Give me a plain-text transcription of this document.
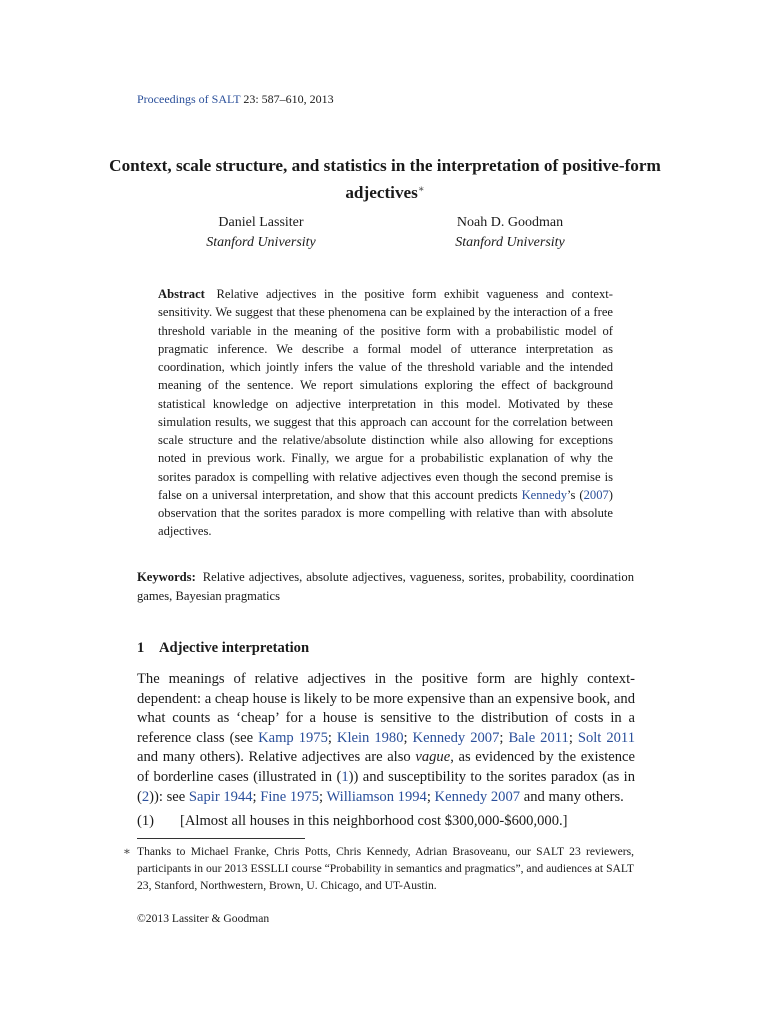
Proceedings of SALT 23: 587–610, 2013
Context, scale structure, and statistics in the interpretation of positive-form adjectives∗
Daniel Lassiter
Stanford University
Noah D. Goodman
Stanford University
Abstract Relative adjectives in the positive form exhibit vagueness and context-sensitivity. We suggest that these phenomena can be explained by the interaction of a free threshold variable in the meaning of the positive form with a probabilistic model of pragmatic inference. We describe a formal model of utterance interpretation as coordination, which jointly infers the value of the threshold variable and the intended meaning of the sentence. We report simulations exploring the effect of background statistical knowledge on adjective interpretation in this model. Motivated by these simulation results, we suggest that this approach can account for the correlation between scale structure and the relative/absolute distinction while also allowing for exceptions noted in previous work. Finally, we argue for a probabilistic explanation of why the sorites paradox is compelling with relative adjectives even though the second premise is false on a universal interpretation, and show that this account predicts Kennedy’s (2007) observation that the sorites paradox is more compelling with relative than with absolute adjectives.
Keywords: Relative adjectives, absolute adjectives, vagueness, sorites, probability, coordination games, Bayesian pragmatics
1 Adjective interpretation
The meanings of relative adjectives in the positive form are highly context-dependent: a cheap house is likely to be more expensive than an expensive book, and what counts as ‘cheap’ for a house is sensitive to the distribution of costs in a reference class (see Kamp 1975; Klein 1980; Kennedy 2007; Bale 2011; Solt 2011 and many others). Relative adjectives are also vague, as evidenced by the existence of borderline cases (illustrated in (1)) and susceptibility to the sorites paradox (as in (2)): see Sapir 1944; Fine 1975; Williamson 1994; Kennedy 2007 and many others.
(1) [Almost all houses in this neighborhood cost $300,000-$600,000.]
∗ Thanks to Michael Franke, Chris Potts, Chris Kennedy, Adrian Brasoveanu, our SALT 23 reviewers, participants in our 2013 ESSLLI course “Probability in semantics and pragmatics”, and audiences at SALT 23, Stanford, Northwestern, Brown, U. Chicago, and UT-Austin.
©2013 Lassiter & Goodman
